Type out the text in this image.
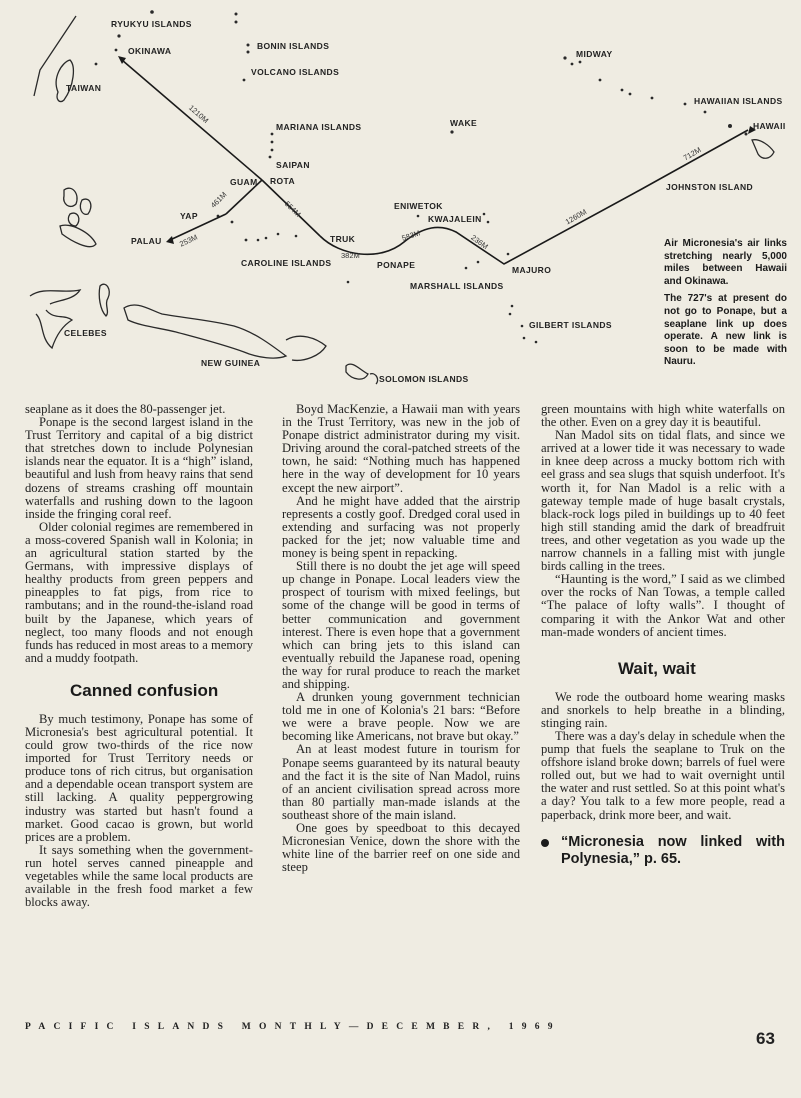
RYUKYU ISLANDS
OKINAWA
TAIWAN
BONIN ISLANDS
VOLCANO ISLANDS
MIDWAY
HAWAIIAN ISLANDS
HAWAII
MARIANA ISLANDS	WAKE
SAIPAN
GUAM ROTA
JOHNSTON ISLAND
ENIWETOK
KWAJALEIN
YAP
PALAU	TRUK
CAROLINE ISLANDS	PONAPE	MAJURO
MARSHALL ISLANDS
CELEBES
GILBERT ISLANDS
NEW GUINEA
SOLOMON ISLANDS
1210M
461M
253M
554M
382M
583M	236M
1260M
712M

Air Micronesia's air links stretching nearly 5,000 miles between Hawaii and Okinawa.

The 727's at present do not go to Ponape, but a seaplane link up does operate. A new link is soon to be made with Nauru.

seaplane as it does the 80-passenger jet.

Ponape is the second largest island in the Trust Territory and capital of a big district that stretches down to include Polynesian islands near the equator. It is a “high” island, beautiful and lush from heavy rains that send dozens of streams crashing off mountain waterfalls and rushing down to the lagoon inside the fringing coral reef.

Older colonial regimes are remembered in a moss-covered Spanish wall in Kolonia; in an agricultural station started by the Germans, with impressive displays of healthy products from green peppers and pineapples to fat pigs, from rice to rambutans; and in the round-the-island road built by the Japanese, which years of neglect, too many floods and not enough funds has reduced in most areas to a memory and a muddy footpath.

Canned confusion

By much testimony, Ponape has some of Micronesia's best agricultural potential. It could grow two-thirds of the rice now imported for Trust Territory needs or produce tons of rich citrus, but organisation and a dependable ocean transport system are still lacking. A quality peppergrowing industry was started but hasn't found a market. Good cacao is grown, but world prices are a problem.

It says something when the government-run hotel serves canned pineapple and vegetables while the same local products are available in the fresh food market a few blocks away.

Boyd MacKenzie, a Hawaii man with years in the Trust Territory, was new in the job of Ponape district administrator during my visit. Driving around the coral-patched streets of the town, he said: “Nothing much has happened here in the way of development for 10 years except the new airport”.

And he might have added that the airstrip represents a costly goof. Dredged coral used in extending and surfacing was not properly packed for the jet; now valuable time and money is being spent in repacking.

Still there is no doubt the jet age will speed up change in Ponape. Local leaders view the prospect of tourism with mixed feelings, but some of the change will be good in terms of better communication and government interest. There is even hope that a government which can bring jets to this island can eventually rebuild the Japanese road, opening the way for rural produce to reach the market and shipping.

A drunken young government technician told me in one of Kolonia's 21 bars: “Before we were a brave people. Now we are becoming like Americans, not brave but okay.”

An at least modest future in tourism for Ponape seems guaranteed by its natural beauty and the fact it is the site of Nan Madol, ruins of an ancient civilisation spread across more than 80 partially man-made islands at the southeast shore of the main island.

One goes by speedboat to this decayed Micronesian Venice, down the shore with the white line of the barrier reef on one side and steep

green mountains with high white waterfalls on the other. Even on a grey day it is beautiful.

Nan Madol sits on tidal flats, and since we arrived at a lower tide it was necessary to wade in knee deep across a mucky bottom rich with eel grass and sea slugs that squish underfoot. It's worth it, for Nan Madol is a relic with a gateway temple made of huge basalt crystals, black-rock logs piled in buildings up to 40 feet high still standing amid the dark of breadfruit trees, and other vegetation as you wade up the narrow channels in a falling mist with jungle birds calling in the trees.

“Haunting is the word,” I said as we climbed over the rocks of Nan Towas, a temple called “The palace of lofty walls”. I thought of comparing it with the Ankor Wat and other man-made wonders of ancient times.

Wait, wait

We rode the outboard home wearing masks and snorkels to help breathe in a blinding, stinging rain.

There was a day's delay in schedule when the pump that fuels the seaplane to Truk on the offshore island broke down; barrels of fuel were rolled out, but we had to wait overnight until the water and rust settled. So at this point what's a day? You talk to a few more people, read a paperback, drink more beer, and wait.

“Micronesia now linked with Polynesia,” p. 65.
PACIFIC ISLANDS MONTHLY—DECEMBER, 1969
63
